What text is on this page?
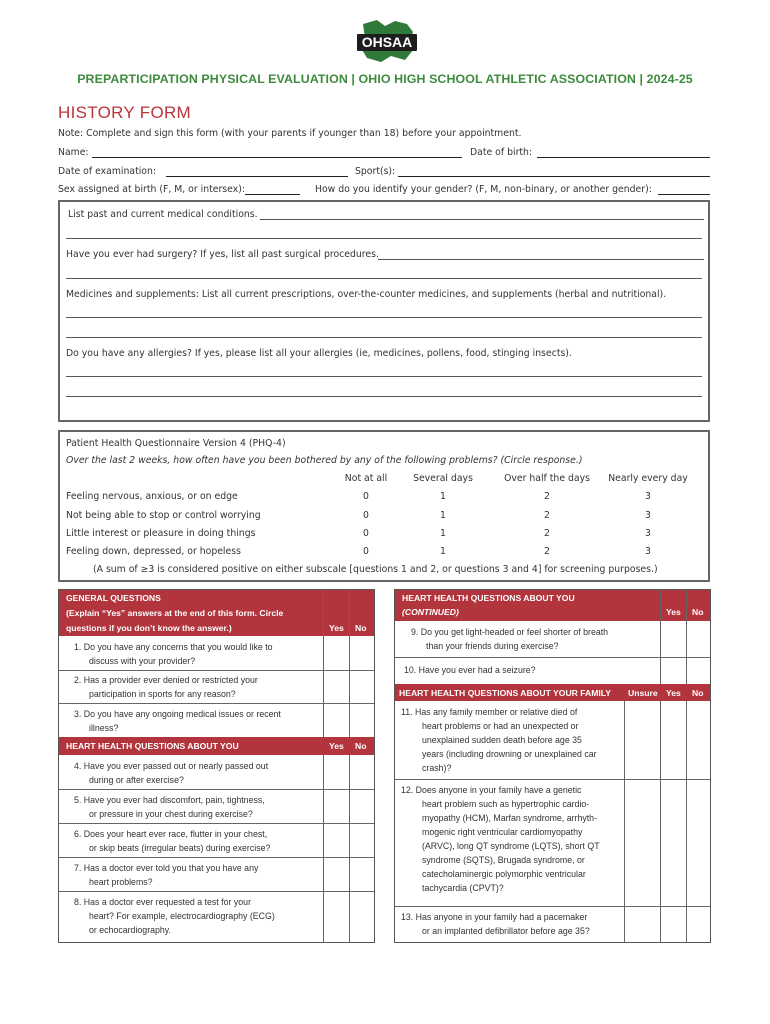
OHSAA
PREPARTICIPATION PHYSICAL EVALUATION | OHIO HIGH SCHOOL ATHLETIC ASSOCIATION | 2024-25
HISTORY FORM
Note: Complete and sign this form (with your parents if younger than 18) before your appointment.
Name:	Date of birth:
Date of examination:	Sport(s):
Sex assigned at birth (F, M, or intersex):	How do you identify your gender? (F, M, non-binary, or another gender):
List past and current medical conditions.
Have you ever had surgery? If yes, list all past surgical procedures.
Medicines and supplements: List all current prescriptions, over-the-counter medicines, and supplements (herbal and nutritional).
Do you have any allergies? If yes, please list all your allergies (ie, medicines, pollens, food, stinging insects).
Patient Health Questionnaire Version 4 (PHQ-4)
Over the last 2 weeks, how often have you been bothered by any of the following problems? (Circle response.)
Not at all	Several days	Over half the days	Nearly every day
Feeling nervous, anxious, or on edge	0	1	2	3
Not being able to stop or control worrying	0	1	2	3
Little interest or pleasure in doing things	0	1	2	3
Feeling down, depressed, or hopeless	0	1	2	3
(A sum of ≥3 is considered positive on either subscale [questions 1 and 2, or questions 3 and 4] for screening purposes.)
GENERAL QUESTIONS
(Explain “Yes” answers at the end of this form. Circle
questions if you don’t know the answer.)	Yes No
1. Do you have any concerns that you would like to
discuss with your provider?
2. Has a provider ever denied or restricted your
participation in sports for any reason?
3. Do you have any ongoing medical issues or recent
illness?
HEART HEALTH QUESTIONS ABOUT YOU	Yes No
4. Have you ever passed out or nearly passed out
during or after exercise?
5. Have you ever had discomfort, pain, tightness,
or pressure in your chest during exercise?
6. Does your heart ever race, flutter in your chest,
or skip beats (irregular beats) during exercise?
7. Has a doctor ever told you that you have any
heart problems?
8. Has a doctor ever requested a test for your
heart? For example, electrocardiography (ECG)
or echocardiography.
HEART HEALTH QUESTIONS ABOUT YOU
(CONTINUED)	Yes No
9. Do you get light-headed or feel shorter of breath
than your friends during exercise?
10. Have you ever had a seizure?
HEART HEALTH QUESTIONS ABOUT YOUR FAMILY Unsure Yes No
11. Has any family member or relative died of
heart problems or had an unexpected or
unexplained sudden death before age 35
years (including drowning or unexplained car
crash)?
12. Does anyone in your family have a genetic
heart problem such as hypertrophic cardio-
myopathy (HCM), Marfan syndrome, arrhyth-
mogenic right ventricular cardiomyopathy
(ARVC), long QT syndrome (LQTS), short QT
syndrome (SQTS), Brugada syndrome, or
catecholaminergic polymorphic ventricular
tachycardia (CPVT)?
13. Has anyone in your family had a pacemaker
or an implanted defibrillator before age 35?
